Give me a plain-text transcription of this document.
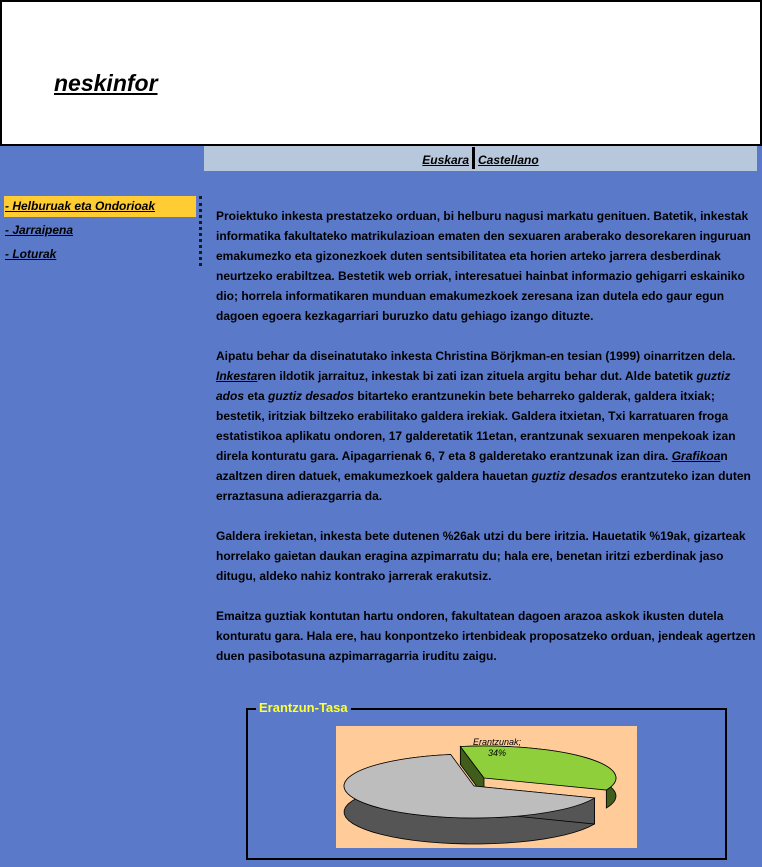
neskinfor
Euskara Castellano
- Helburuak eta Ondorioak
- Jarraipena
- Loturak

Proiektuko inkesta prestatzeko orduan, bi helburu nagusi markatu genituen. Batetik, inkestak informatika fakultateko matrikulazioan ematen den sexuaren araberako desorekaren inguruan emakumezko eta gizonezkoek duten sentsibilitatea eta horien arteko jarrera desberdinak neurtzeko erabiltzea. Bestetik web orriak, interesatuei hainbat informazio gehigarri eskainiko dio; horrela informatikaren munduan emakumezkoek zeresana izan dutela edo gaur egun dagoen egoera kezkagarriari buruzko datu gehiago izango dituzte.

Aipatu behar da diseinatutako inkesta Christina Börjkman-en tesian (1999) oinarritzen dela. Inkestaren ildotik jarraituz, inkestak bi zati izan zituela argitu behar dut. Alde batetik guztiz ados eta guztiz desados bitarteko erantzunekin bete beharreko galderak, galdera itxiak; bestetik, iritziak biltzeko erabilitako galdera irekiak. Galdera itxietan, Txi karratuaren froga estatistikoa aplikatu ondoren, 17 galderetatik 11etan, erantzunak sexuaren menpekoak izan direla konturatu gara. Aipagarrienak 6, 7 eta 8 galderetako erantzunak izan dira. Grafikoan azaltzen diren datuek, emakumezkoek galdera hauetan guztiz desados erantzuteko izan duten erraztasuna adierazgarria da.

Galdera irekietan, inkesta bete dutenen %26ak utzi du bere iritzia. Hauetatik %19ak, gizarteak horrelako gaietan daukan eragina azpimarratu du; hala ere, benetan iritzi ezberdinak jaso ditugu, aldeko nahiz kontrako jarrerak erakutsiz.

Emaitza guztiak kontutan hartu ondoren, fakultatean dagoen arazoa askok ikusten dutela konturatu gara. Hala ere, hau konpontzeko irtenbideak proposatzeko orduan, jendeak agertzen duen pasibotasuna azpimarragarria iruditu zaigu.

Erantzun-Tasa
Erantzunak;
34%
